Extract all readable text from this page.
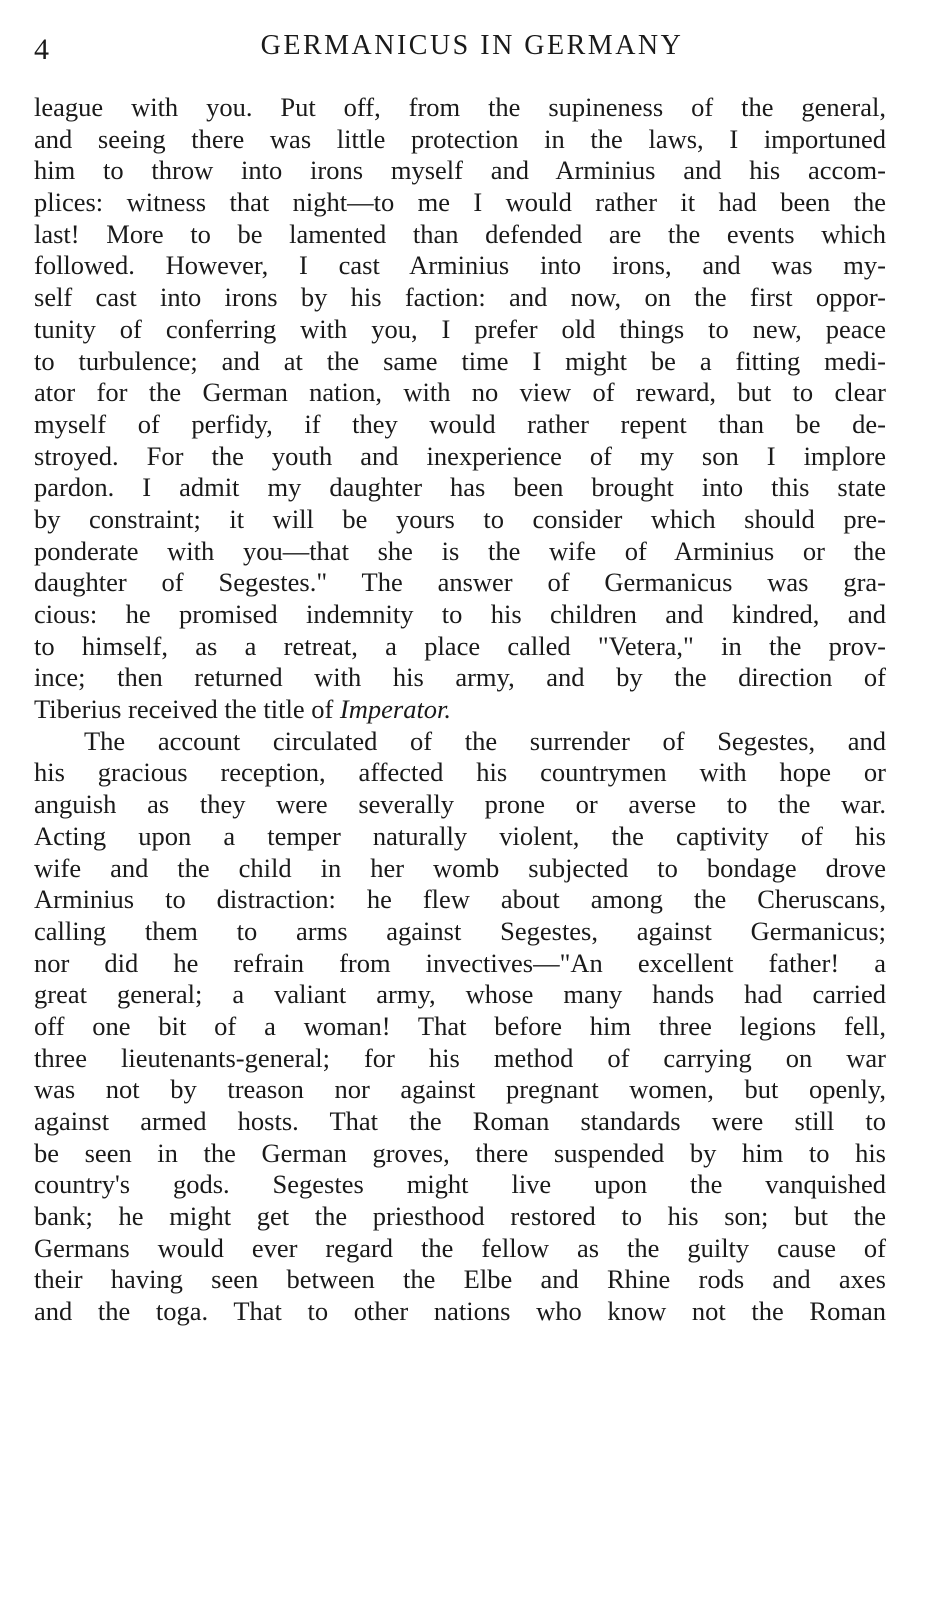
4	GERMANICUS IN GERMANY
league with you. Put off, from the supineness of the general,
and seeing there was little protection in the laws, I importuned
him to throw into irons myself and Arminius and his accom-
plices: witness that night—to me I would rather it had been the
last! More to be lamented than defended are the events which
followed. However, I cast Arminius into irons, and was my-
self cast into irons by his faction: and now, on the first oppor-
tunity of conferring with you, I prefer old things to new, peace
to turbulence; and at the same time I might be a fitting medi-
ator for the German nation, with no view of reward, but to clear
myself of perfidy, if they would rather repent than be de-
stroyed. For the youth and inexperience of my son I implore
pardon. I admit my daughter has been brought into this state
by constraint; it will be yours to consider which should pre-
ponderate with you—that she is the wife of Arminius or the
daughter of Segestes." The answer of Germanicus was gra-
cious: he promised indemnity to his children and kindred, and
to himself, as a retreat, a place called "Vetera," in the prov-
ince; then returned with his army, and by the direction of
Tiberius received the title of Imperator.
The account circulated of the surrender of Segestes, and
his gracious reception, affected his countrymen with hope or
anguish as they were severally prone or averse to the war.
Acting upon a temper naturally violent, the captivity of his
wife and the child in her womb subjected to bondage drove
Arminius to distraction: he flew about among the Cheruscans,
calling them to arms against Segestes, against Germanicus;
nor did he refrain from invectives—"An excellent father! a
great general; a valiant army, whose many hands had carried
off one bit of a woman! That before him three legions fell,
three lieutenants-general; for his method of carrying on war
was not by treason nor against pregnant women, but openly,
against armed hosts. That the Roman standards were still to
be seen in the German groves, there suspended by him to his
country's gods. Segestes might live upon the vanquished
bank; he might get the priesthood restored to his son; but the
Germans would ever regard the fellow as the guilty cause of
their having seen between the Elbe and Rhine rods and axes
and the toga. That to other nations who know not the Roman
